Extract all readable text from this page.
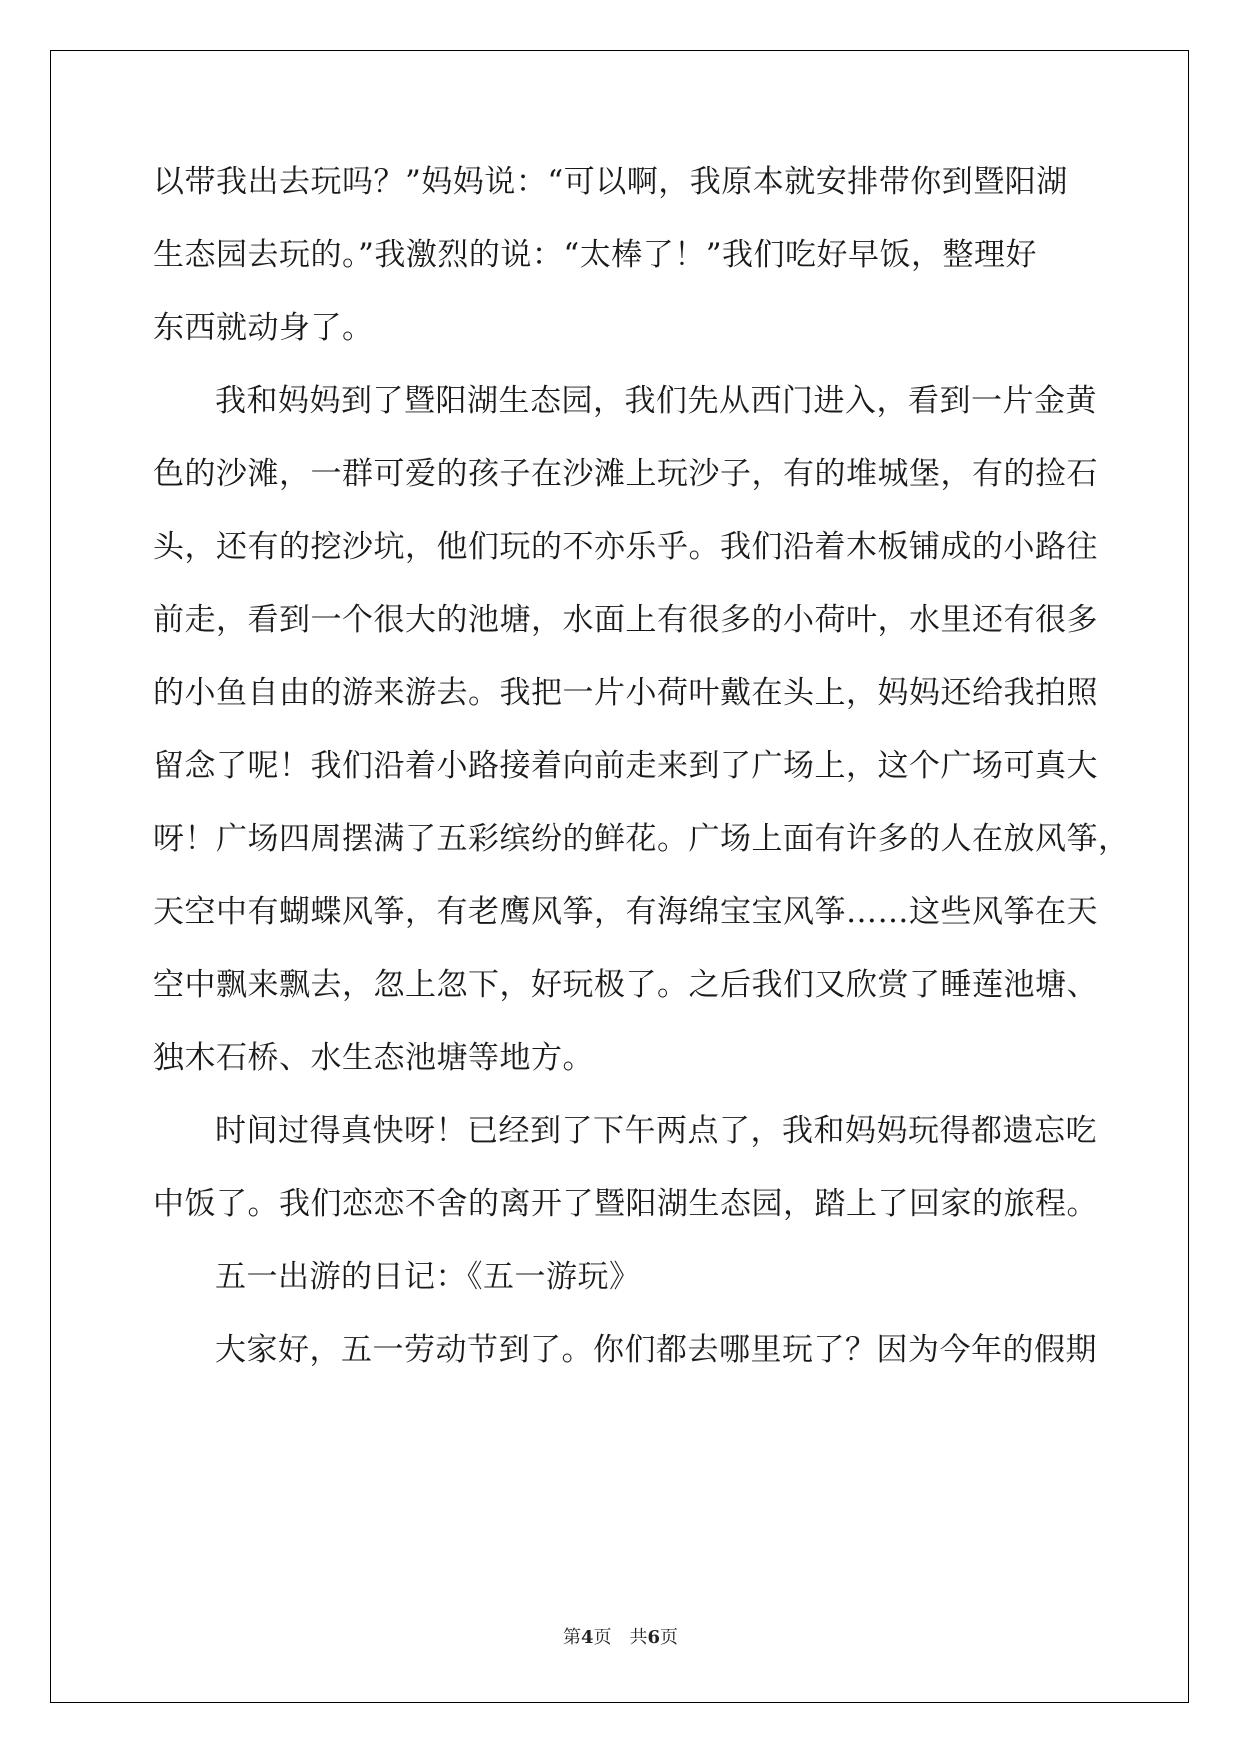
以带我出去玩吗？”妈妈说：“可以啊，我原本就安排带你到暨阳湖
生态园去玩的。”我激烈的说：“太棒了！”我们吃好早饭，整理好
东西就动身了。
我和妈妈到了暨阳湖生态园，我们先从西门进入，看到一片金黄
色的沙滩，一群可爱的孩子在沙滩上玩沙子，有的堆城堡，有的捡石
头，还有的挖沙坑，他们玩的不亦乐乎。我们沿着木板铺成的小路往
前走，看到一个很大的池塘，水面上有很多的小荷叶，水里还有很多
的小鱼自由的游来游去。我把一片小荷叶戴在头上，妈妈还给我拍照
留念了呢！我们沿着小路接着向前走来到了广场上，这个广场可真大
呀！广场四周摆满了五彩缤纷的鲜花。广场上面有许多的人在放风筝，
天空中有蝴蝶风筝，有老鹰风筝，有海绵宝宝风筝……这些风筝在天
空中飘来飘去，忽上忽下，好玩极了。之后我们又欣赏了睡莲池塘、
独木石桥、水生态池塘等地方。
时间过得真快呀！已经到了下午两点了，我和妈妈玩得都遗忘吃
中饭了。我们恋恋不舍的离开了暨阳湖生态园，踏上了回家的旅程。
五一出游的日记：《五一游玩》
大家好，五一劳动节到了。你们都去哪里玩了？因为今年的假期
第4页 共6页
